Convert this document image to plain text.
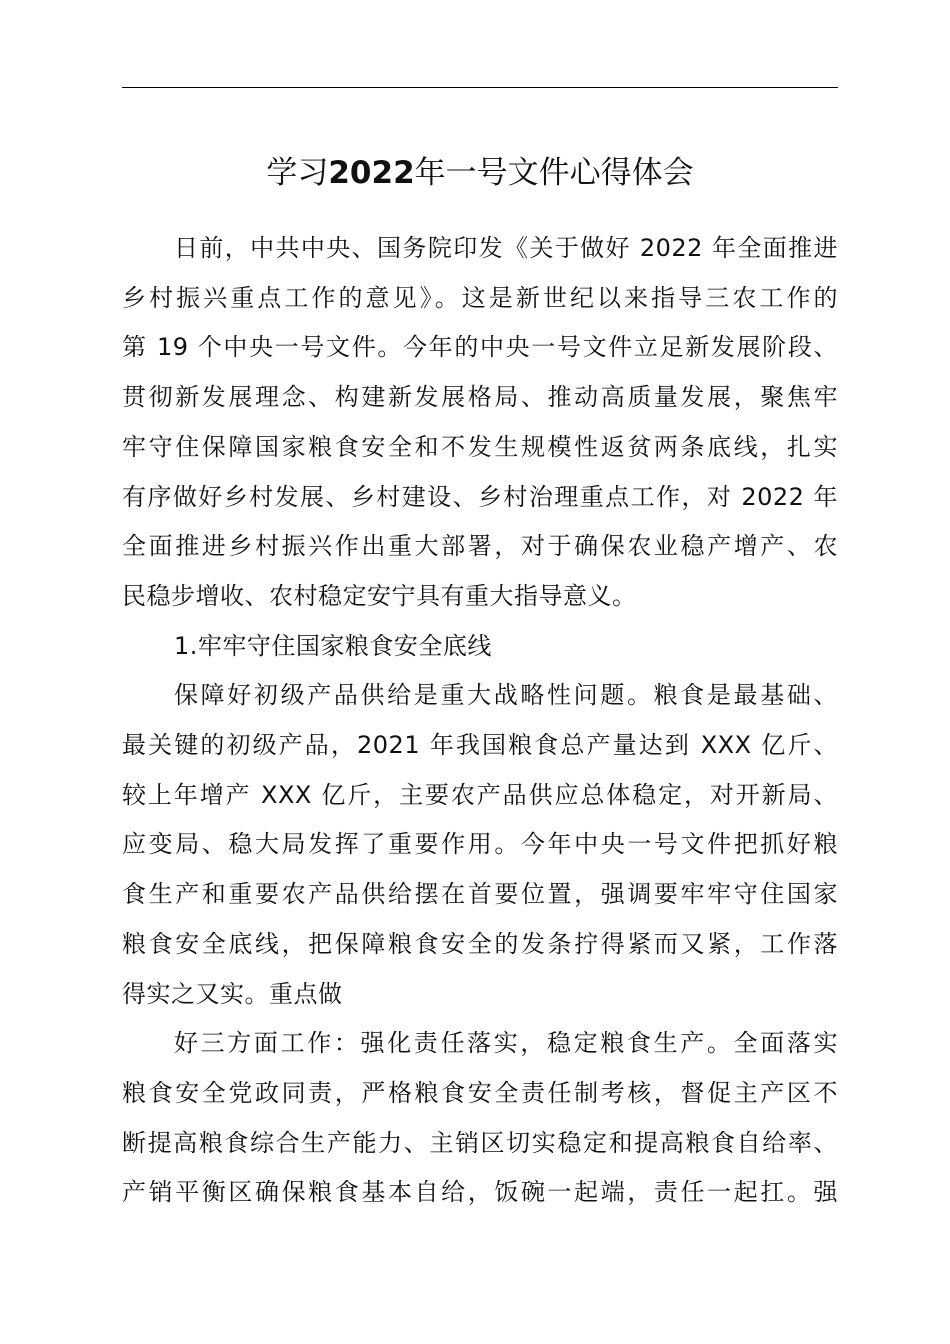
学习2022年一号文件心得体会

日前，中共中央、国务院印发《关于做好 2022 年全面推进
乡村振兴重点工作的意见》。这是新世纪以来指导三农工作的
第 19 个中央一号文件。今年的中央一号文件立足新发展阶段、
贯彻新发展理念、构建新发展格局、推动高质量发展，聚焦牢
牢守住保障国家粮食安全和不发生规模性返贫两条底线，扎实
有序做好乡村发展、乡村建设、乡村治理重点工作，对 2022 年
全面推进乡村振兴作出重大部署，对于确保农业稳产增产、农
民稳步增收、农村稳定安宁具有重大指导意义。

1.牢牢守住国家粮食安全底线

保障好初级产品供给是重大战略性问题。粮食是最基础、
最关键的初级产品，2021 年我国粮食总产量达到 XXX 亿斤、
较上年增产 XXX 亿斤，主要农产品供应总体稳定，对开新局、
应变局、稳大局发挥了重要作用。今年中央一号文件把抓好粮
食生产和重要农产品供给摆在首要位置，强调要牢牢守住国家
粮食安全底线，把保障粮食安全的发条拧得紧而又紧，工作落
得实之又实。重点做

好三方面工作：强化责任落实，稳定粮食生产。全面落实
粮食安全党政同责，严格粮食安全责任制考核，督促主产区不
断提高粮食综合生产能力、主销区切实稳定和提高粮食自给率、
产销平衡区确保粮食基本自给，饭碗一起端，责任一起扛。强
